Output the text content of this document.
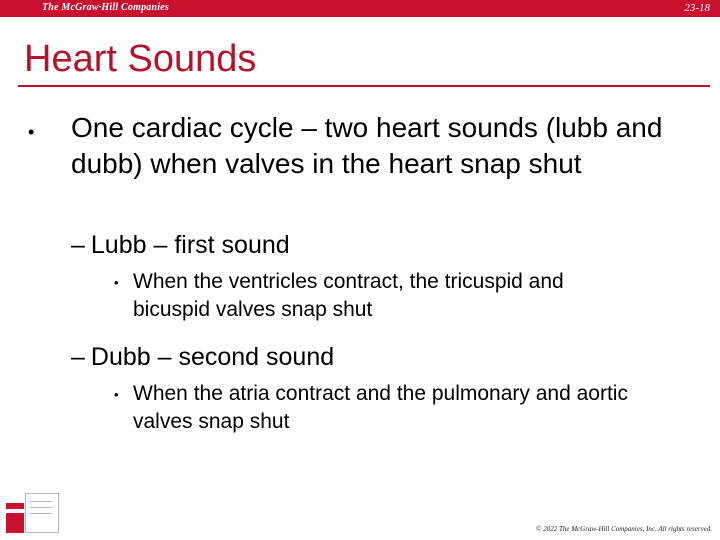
The McGraw·Hill Companies	23-18
Heart Sounds
• One cardiac cycle – two heart sounds (lubb and dubb) when valves in the heart snap shut
– Lubb – first sound
• When the ventricles contract, the tricuspid and bicuspid valves snap shut
– Dubb – second sound
• When the atria contract and the pulmonary and aortic valves snap shut
© 2022 The McGraw-Hill Companies, Inc. All rights reserved.
